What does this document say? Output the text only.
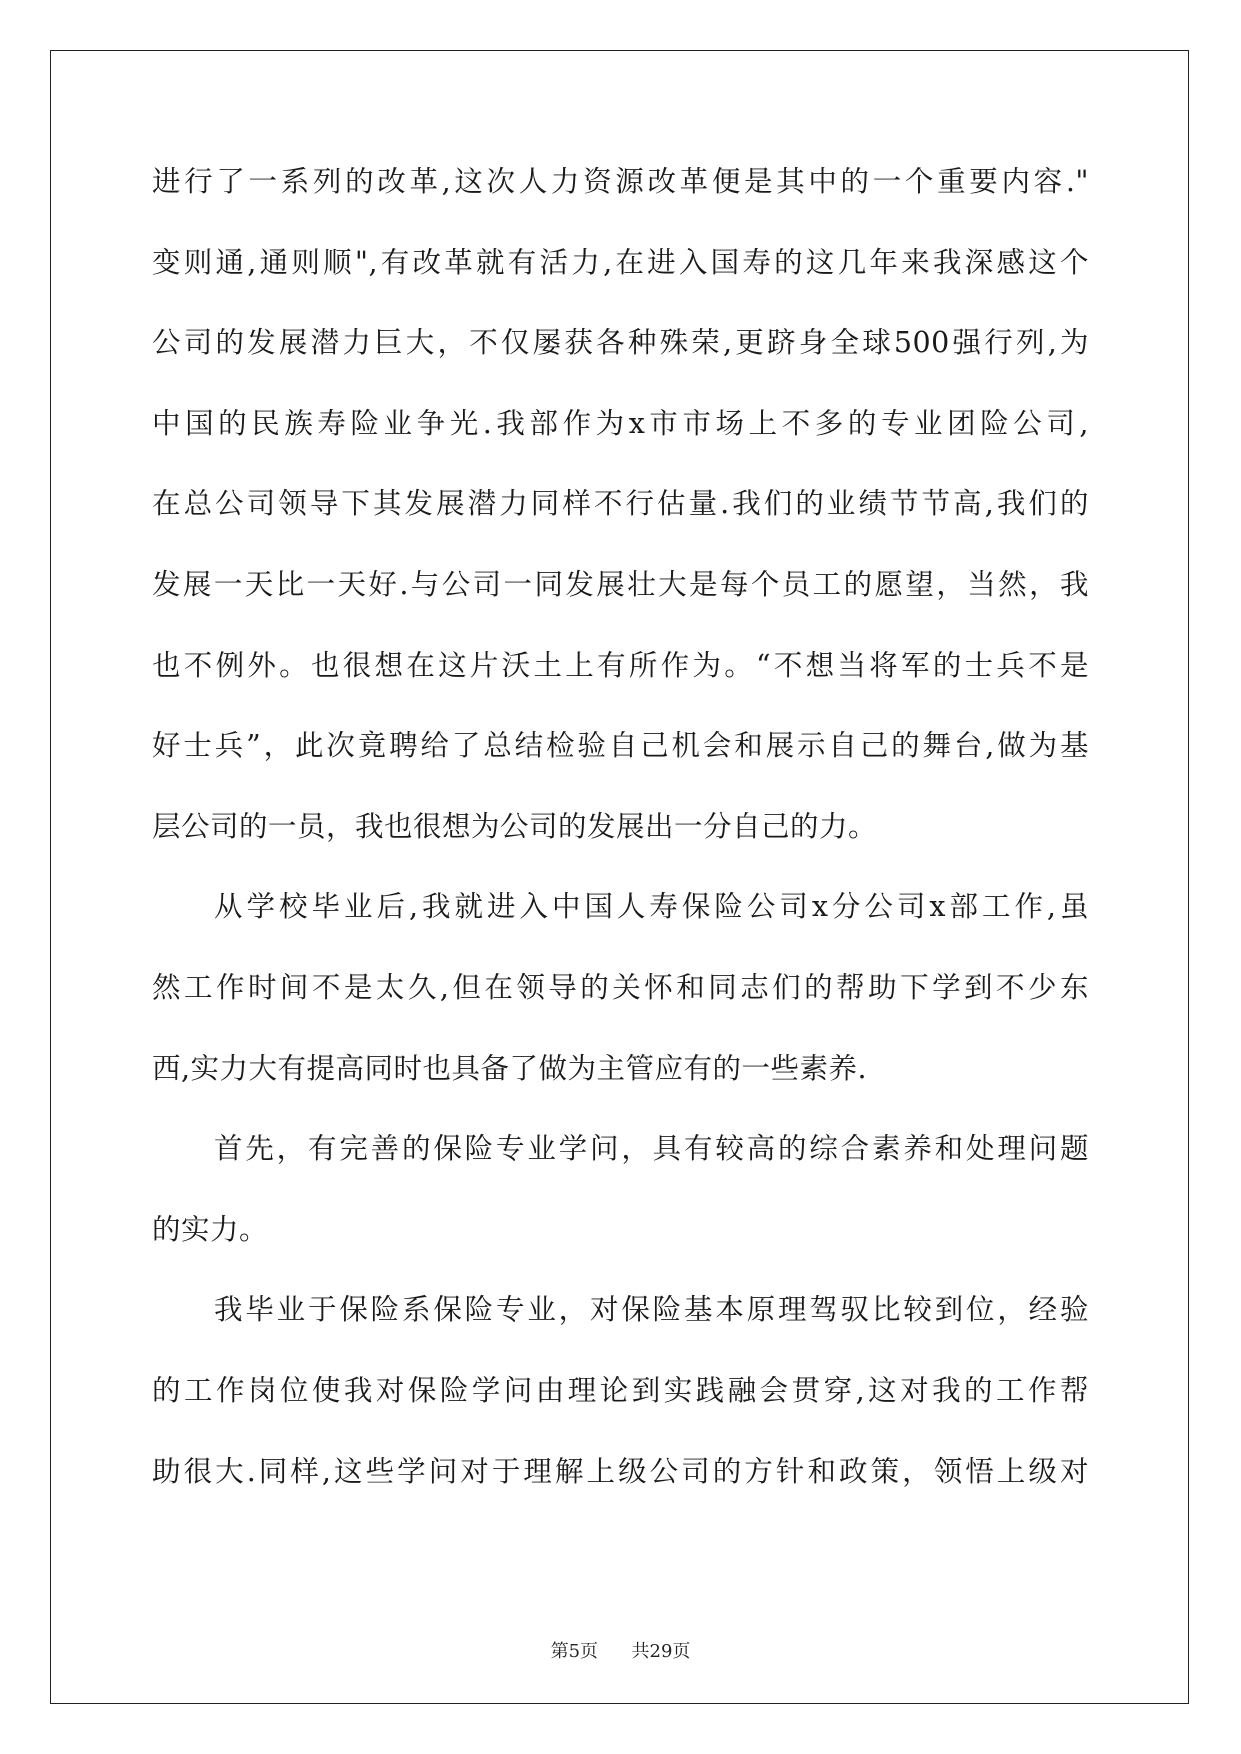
进行了一系列的改革,这次人力资源改革便是其中的一个重要内容."
变则通,通则顺",有改革就有活力,在进入国寿的这几年来我深感这个
公司的发展潜力巨大，不仅屡获各种殊荣,更跻身全球500强行列,为
中国的民族寿险业争光.我部作为x市市场上不多的专业团险公司,
在总公司领导下其发展潜力同样不行估量.我们的业绩节节高,我们的
发展一天比一天好.与公司一同发展壮大是每个员工的愿望，当然，我
也不例外。也很想在这片沃土上有所作为。“不想当将军的士兵不是
好士兵”，此次竟聘给了总结检验自己机会和展示自己的舞台,做为基
层公司的一员，我也很想为公司的发展出一分自己的力。
从学校毕业后,我就进入中国人寿保险公司x分公司x部工作,虽
然工作时间不是太久,但在领导的关怀和同志们的帮助下学到不少东
西,实力大有提高同时也具备了做为主管应有的一些素养.
首先，有完善的保险专业学问，具有较高的综合素养和处理问题
的实力。
我毕业于保险系保险专业，对保险基本原理驾驭比较到位，经验
的工作岗位使我对保险学问由理论到实践融会贯穿,这对我的工作帮
助很大.同样,这些学问对于理解上级公司的方针和政策，领悟上级对
第5页 共29页
